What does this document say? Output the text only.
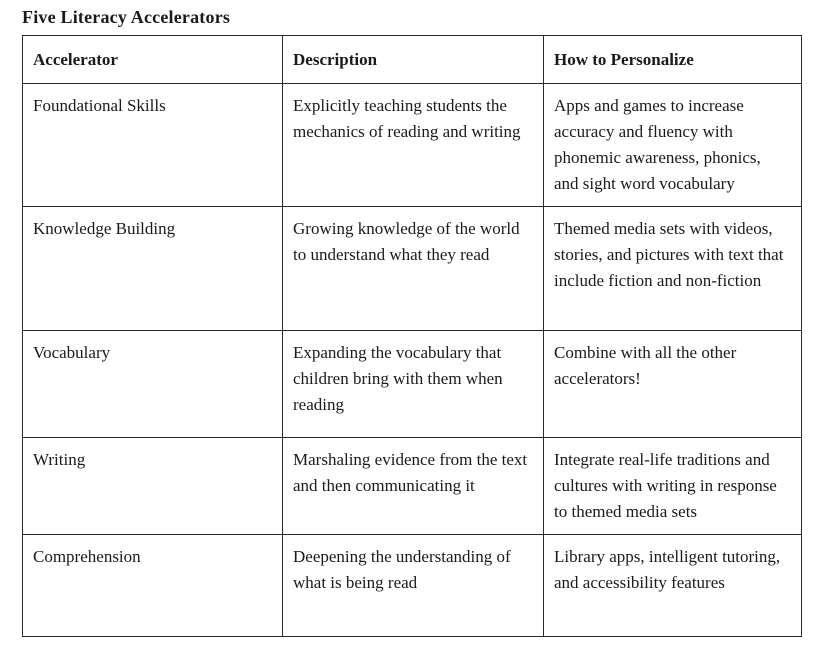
Five Literacy Accelerators
Accelerator	Description	How to Personalize
Foundational Skills	Explicitly teaching students the mechanics of reading and writing	Apps and games to increase accuracy and fluency with phonemic awareness, phonics, and sight word vocabulary
Knowledge Building	Growing knowledge of the world to understand what they read	Themed media sets with videos, stories, and pictures with text that include fiction and non-fiction
Vocabulary	Expanding the vocabulary that children bring with them when reading	Combine with all the other accelerators!
Writing	Marshaling evidence from the text and then communicating it	Integrate real-life traditions and cultures with writing in response to themed media sets
Comprehension	Deepening the understanding of what is being read	Library apps, intelligent tutoring, and accessibility features
